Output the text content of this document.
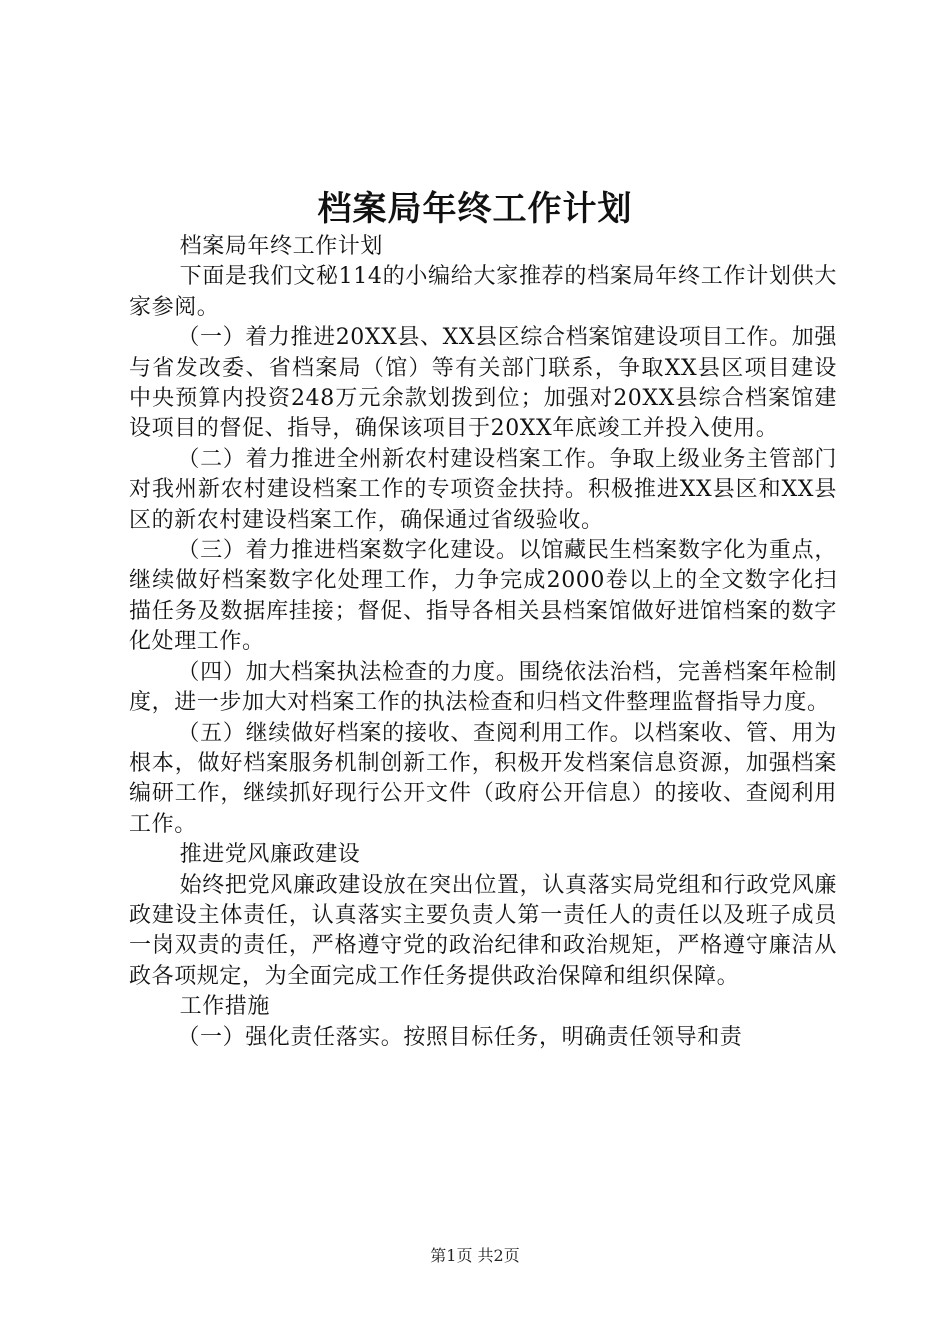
档案局年终工作计划

档案局年终工作计划

下面是我们文秘114的小编给大家推荐的档案局年终工作计划供大家参阅。

（一）着力推进20XX县、XX县区综合档案馆建设项目工作。加强与省发改委、省档案局（馆）等有关部门联系，争取XX县区项目建设中央预算内投资248万元余款划拨到位；加强对20XX县综合档案馆建设项目的督促、指导，确保该项目于20XX年底竣工并投入使用。

（二）着力推进全州新农村建设档案工作。争取上级业务主管部门对我州新农村建设档案工作的专项资金扶持。积极推进XX县区和XX县区的新农村建设档案工作，确保通过省级验收。

（三）着力推进档案数字化建设。以馆藏民生档案数字化为重点，继续做好档案数字化处理工作，力争完成2000卷以上的全文数字化扫描任务及数据库挂接；督促、指导各相关县档案馆做好进馆档案的数字化处理工作。

（四）加大档案执法检查的力度。围绕依法治档，完善档案年检制度，进一步加大对档案工作的执法检查和归档文件整理监督指导力度。

（五）继续做好档案的接收、查阅利用工作。以档案收、管、用为根本，做好档案服务机制创新工作，积极开发档案信息资源，加强档案编研工作，继续抓好现行公开文件（政府公开信息）的接收、查阅利用工作。

推进党风廉政建设

始终把党风廉政建设放在突出位置，认真落实局党组和行政党风廉政建设主体责任，认真落实主要负责人第一责任人的责任以及班子成员一岗双责的责任，严格遵守党的政治纪律和政治规矩，严格遵守廉洁从政各项规定，为全面完成工作任务提供政治保障和组织保障。

工作措施

（一）强化责任落实。按照目标任务，明确责任领导和责

第1页 共2页
